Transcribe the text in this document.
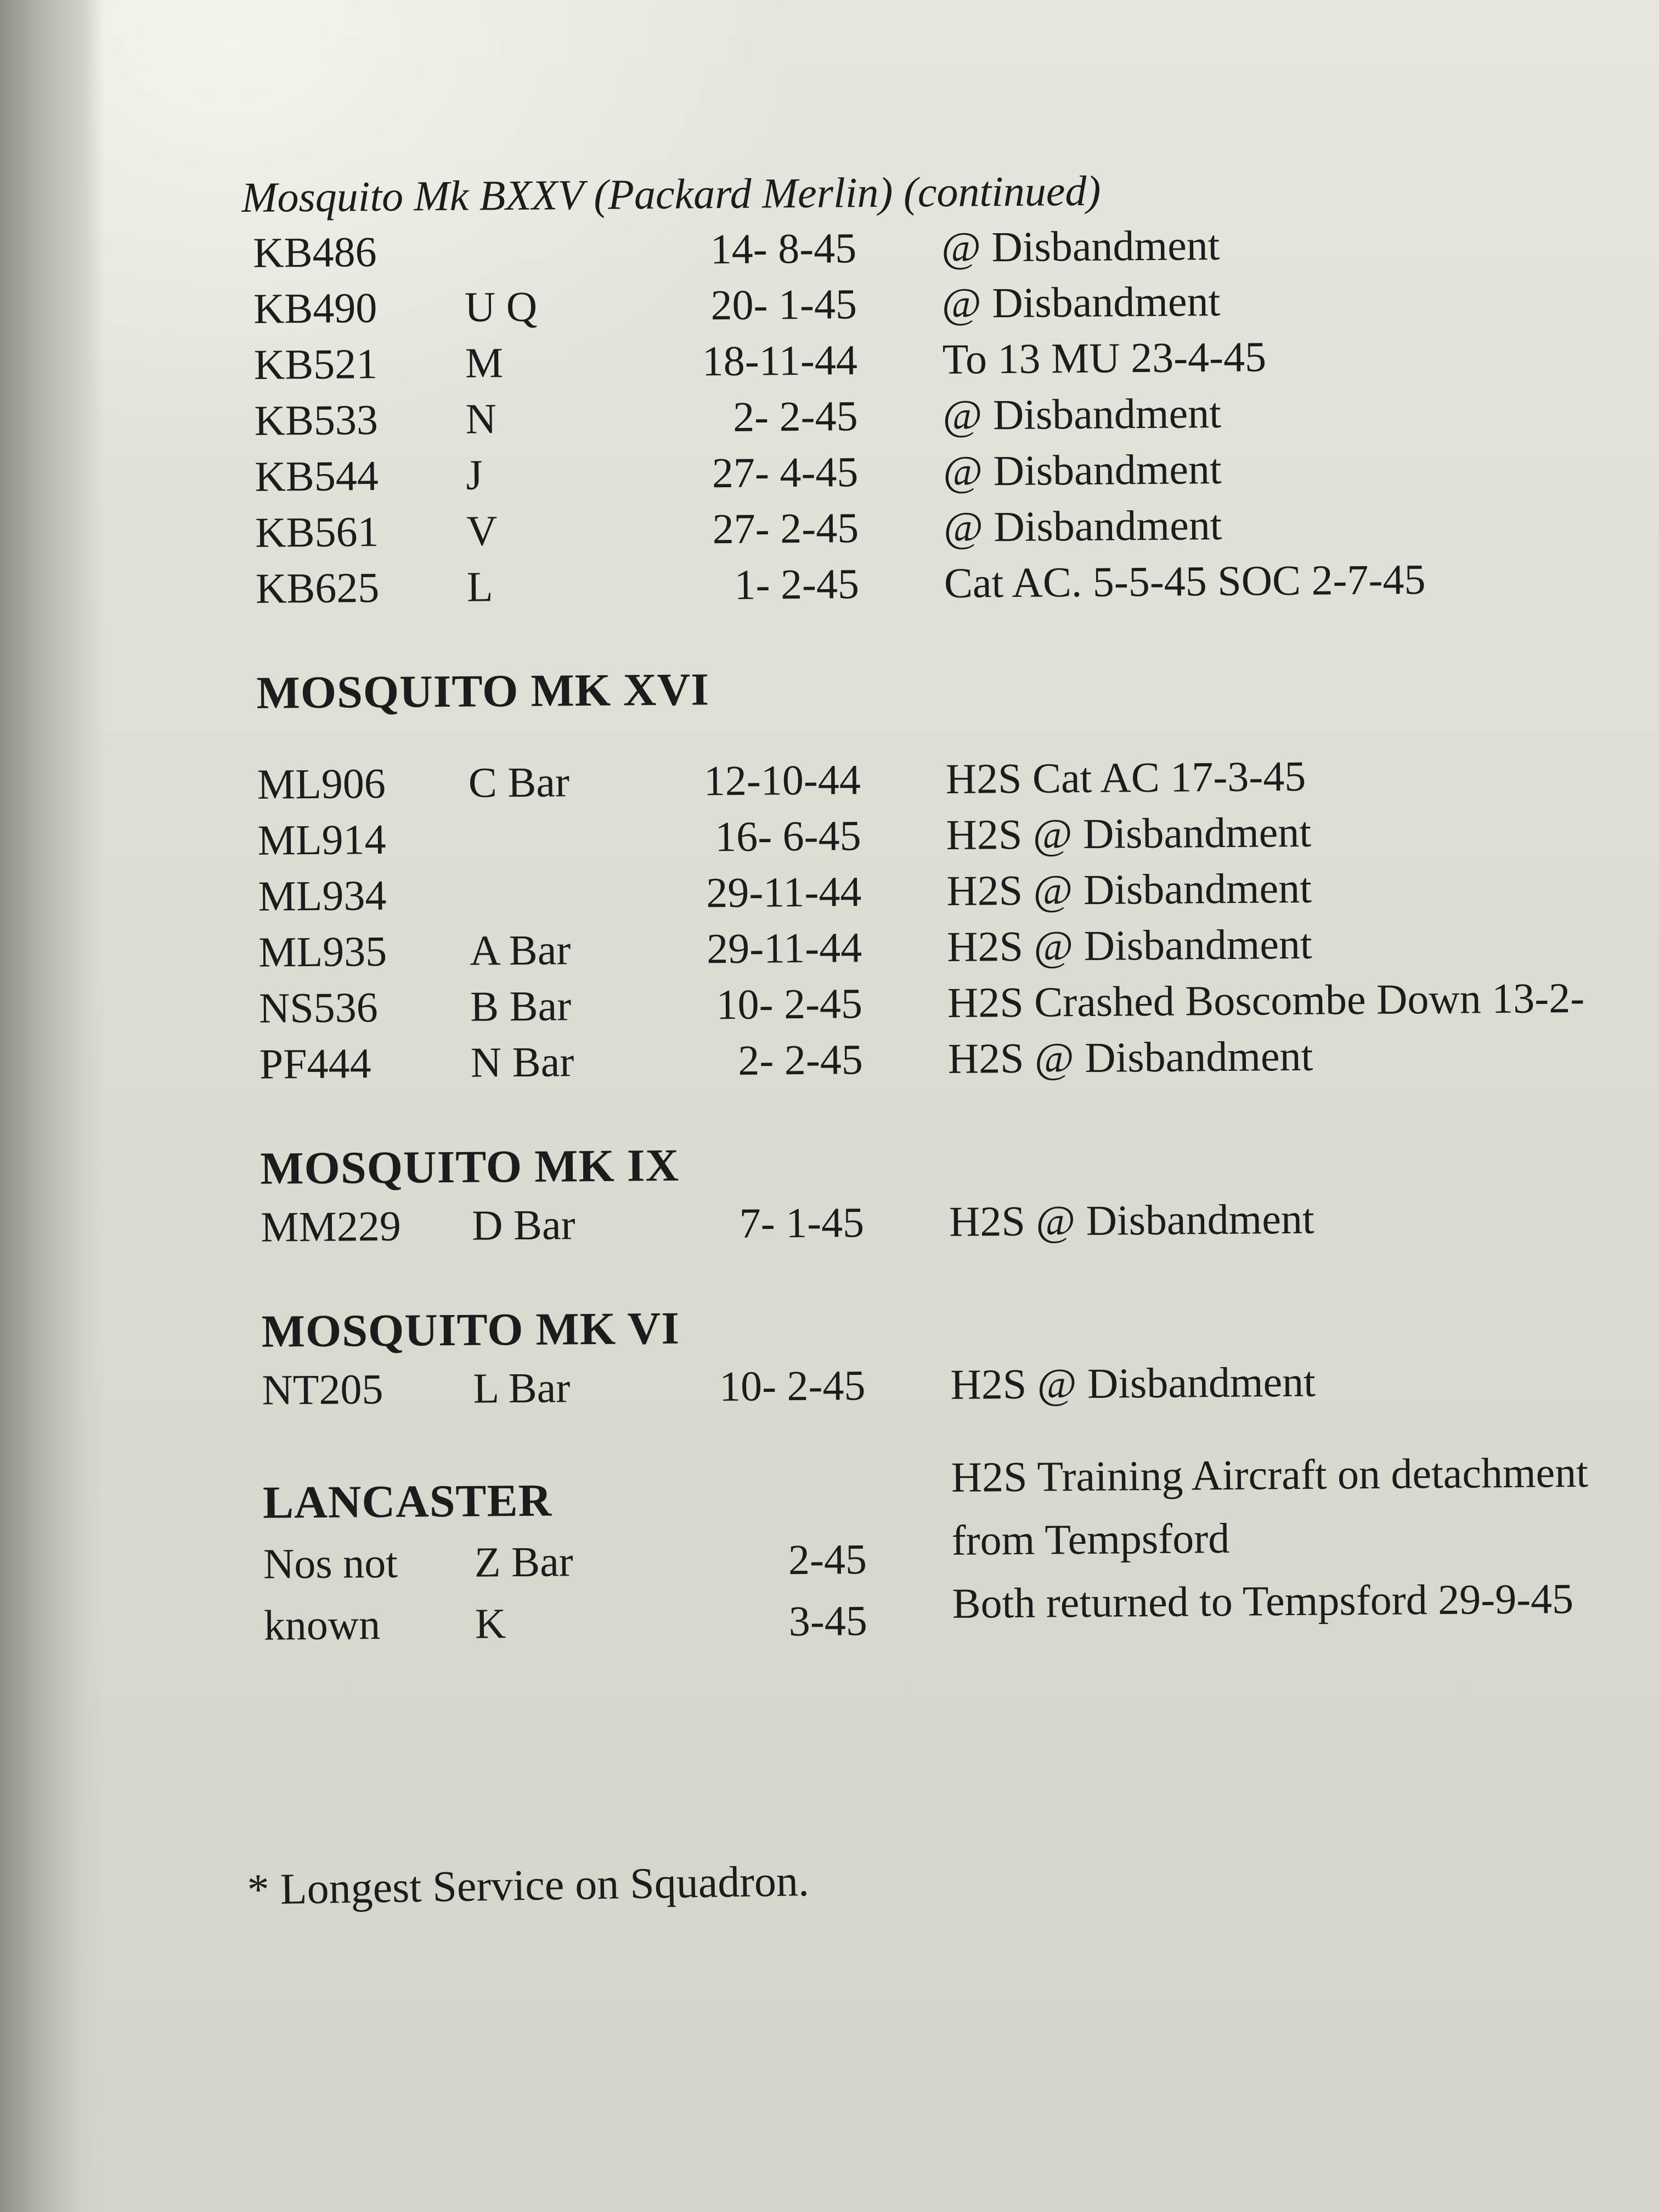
Mosquito Mk BXXV (Packard Merlin) (continued)

KB486	14- 8-45 @ Disbandment
KB490 U Q	20- 1-45 @ Disbandment
KB521 M	18-11-44 To 13 MU 23-4-45
KB533 N	2- 2-45 @ Disbandment
KB544 J	27- 4-45 @ Disbandment
KB561 V	27- 2-45 @ Disbandment
KB625 L	1- 2-45 Cat AC. 5-5-45 SOC 2-7-45

MOSQUITO MK XVI

ML906 C Bar	12-10-44 H2S Cat AC 17-3-45
ML914	16- 6-45 H2S @ Disbandment
ML934	29-11-44 H2S @ Disbandment
ML935 A Bar	29-11-44 H2S @ Disbandment
NS536 B Bar	10- 2-45 H2S Crashed Boscombe Down 13-2-
PF444 N Bar	2- 2-45 H2S @ Disbandment

MOSQUITO MK IX

MM229 D Bar	7- 1-45 H2S @ Disbandment

MOSQUITO MK VI

NT205 L Bar	10- 2-45 H2S @ Disbandment

LANCASTER

H2S Training Aircraft on detachment
from Tempsford
Both returned to Tempsford 29-9-45
Nos not Z Bar	2-45
known K	3-45
* Longest Service on Squadron.
